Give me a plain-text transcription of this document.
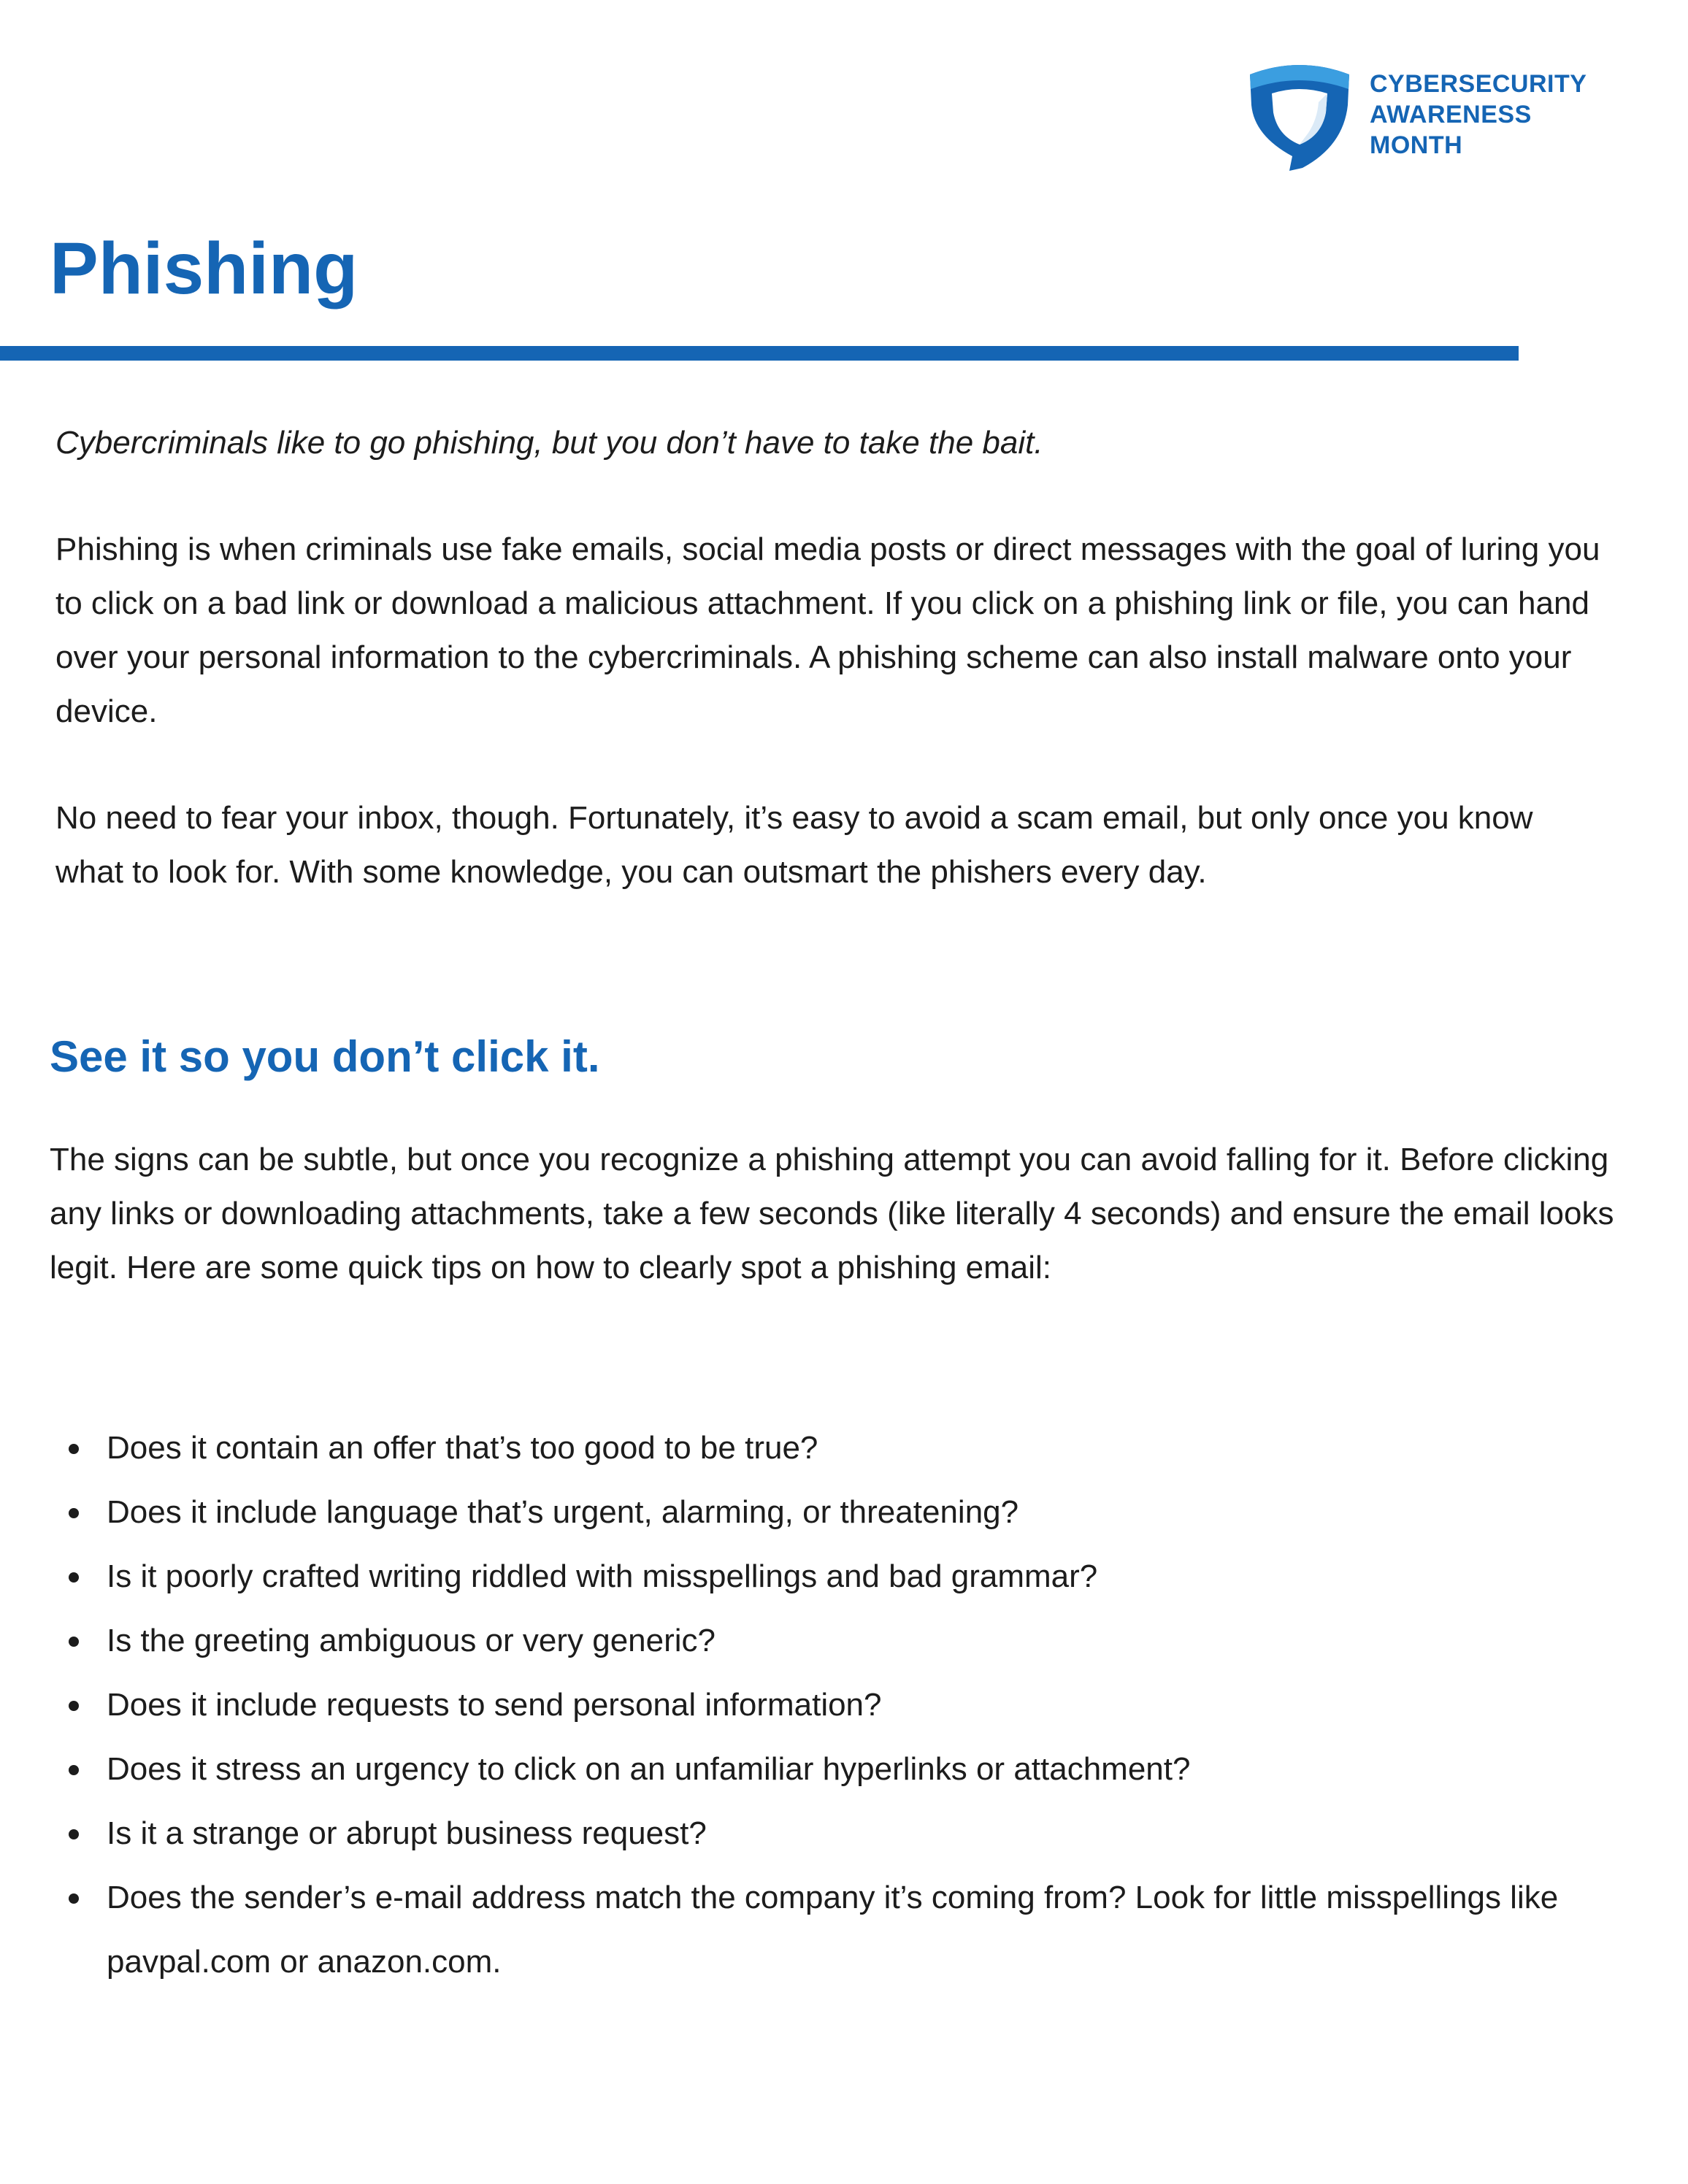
CYBERSECURITY
AWARENESS
MONTH
Phishing

Cybercriminals like to go phishing, but you don’t have to take the bait.

Phishing is when criminals use fake emails, social media posts or direct messages with the goal of luring you to click on a bad link or download a malicious attachment. If you click on a phishing link or file, you can hand over your personal information to the cybercriminals. A phishing scheme can also install malware onto your device.

No need to fear your inbox, though. Fortunately, it’s easy to avoid a scam email, but only once you know what to look for. With some knowledge, you can outsmart the phishers every day.

See it so you don’t click it.

The signs can be subtle, but once you recognize a phishing attempt you can avoid falling for it. Before clicking any links or downloading attachments, take a few seconds (like literally 4 seconds) and ensure the email looks legit. Here are some quick tips on how to clearly spot a phishing email:

Does it contain an offer that’s too good to be true?
Does it include language that’s urgent, alarming, or threatening?
Is it poorly crafted writing riddled with misspellings and bad grammar?
Is the greeting ambiguous or very generic?
Does it include requests to send personal information?
Does it stress an urgency to click on an unfamiliar hyperlinks or attachment?
Is it a strange or abrupt business request?
Does the sender’s e-mail address match the company it’s coming from? Look for little misspellings like pavpal.com or anazon.com.
